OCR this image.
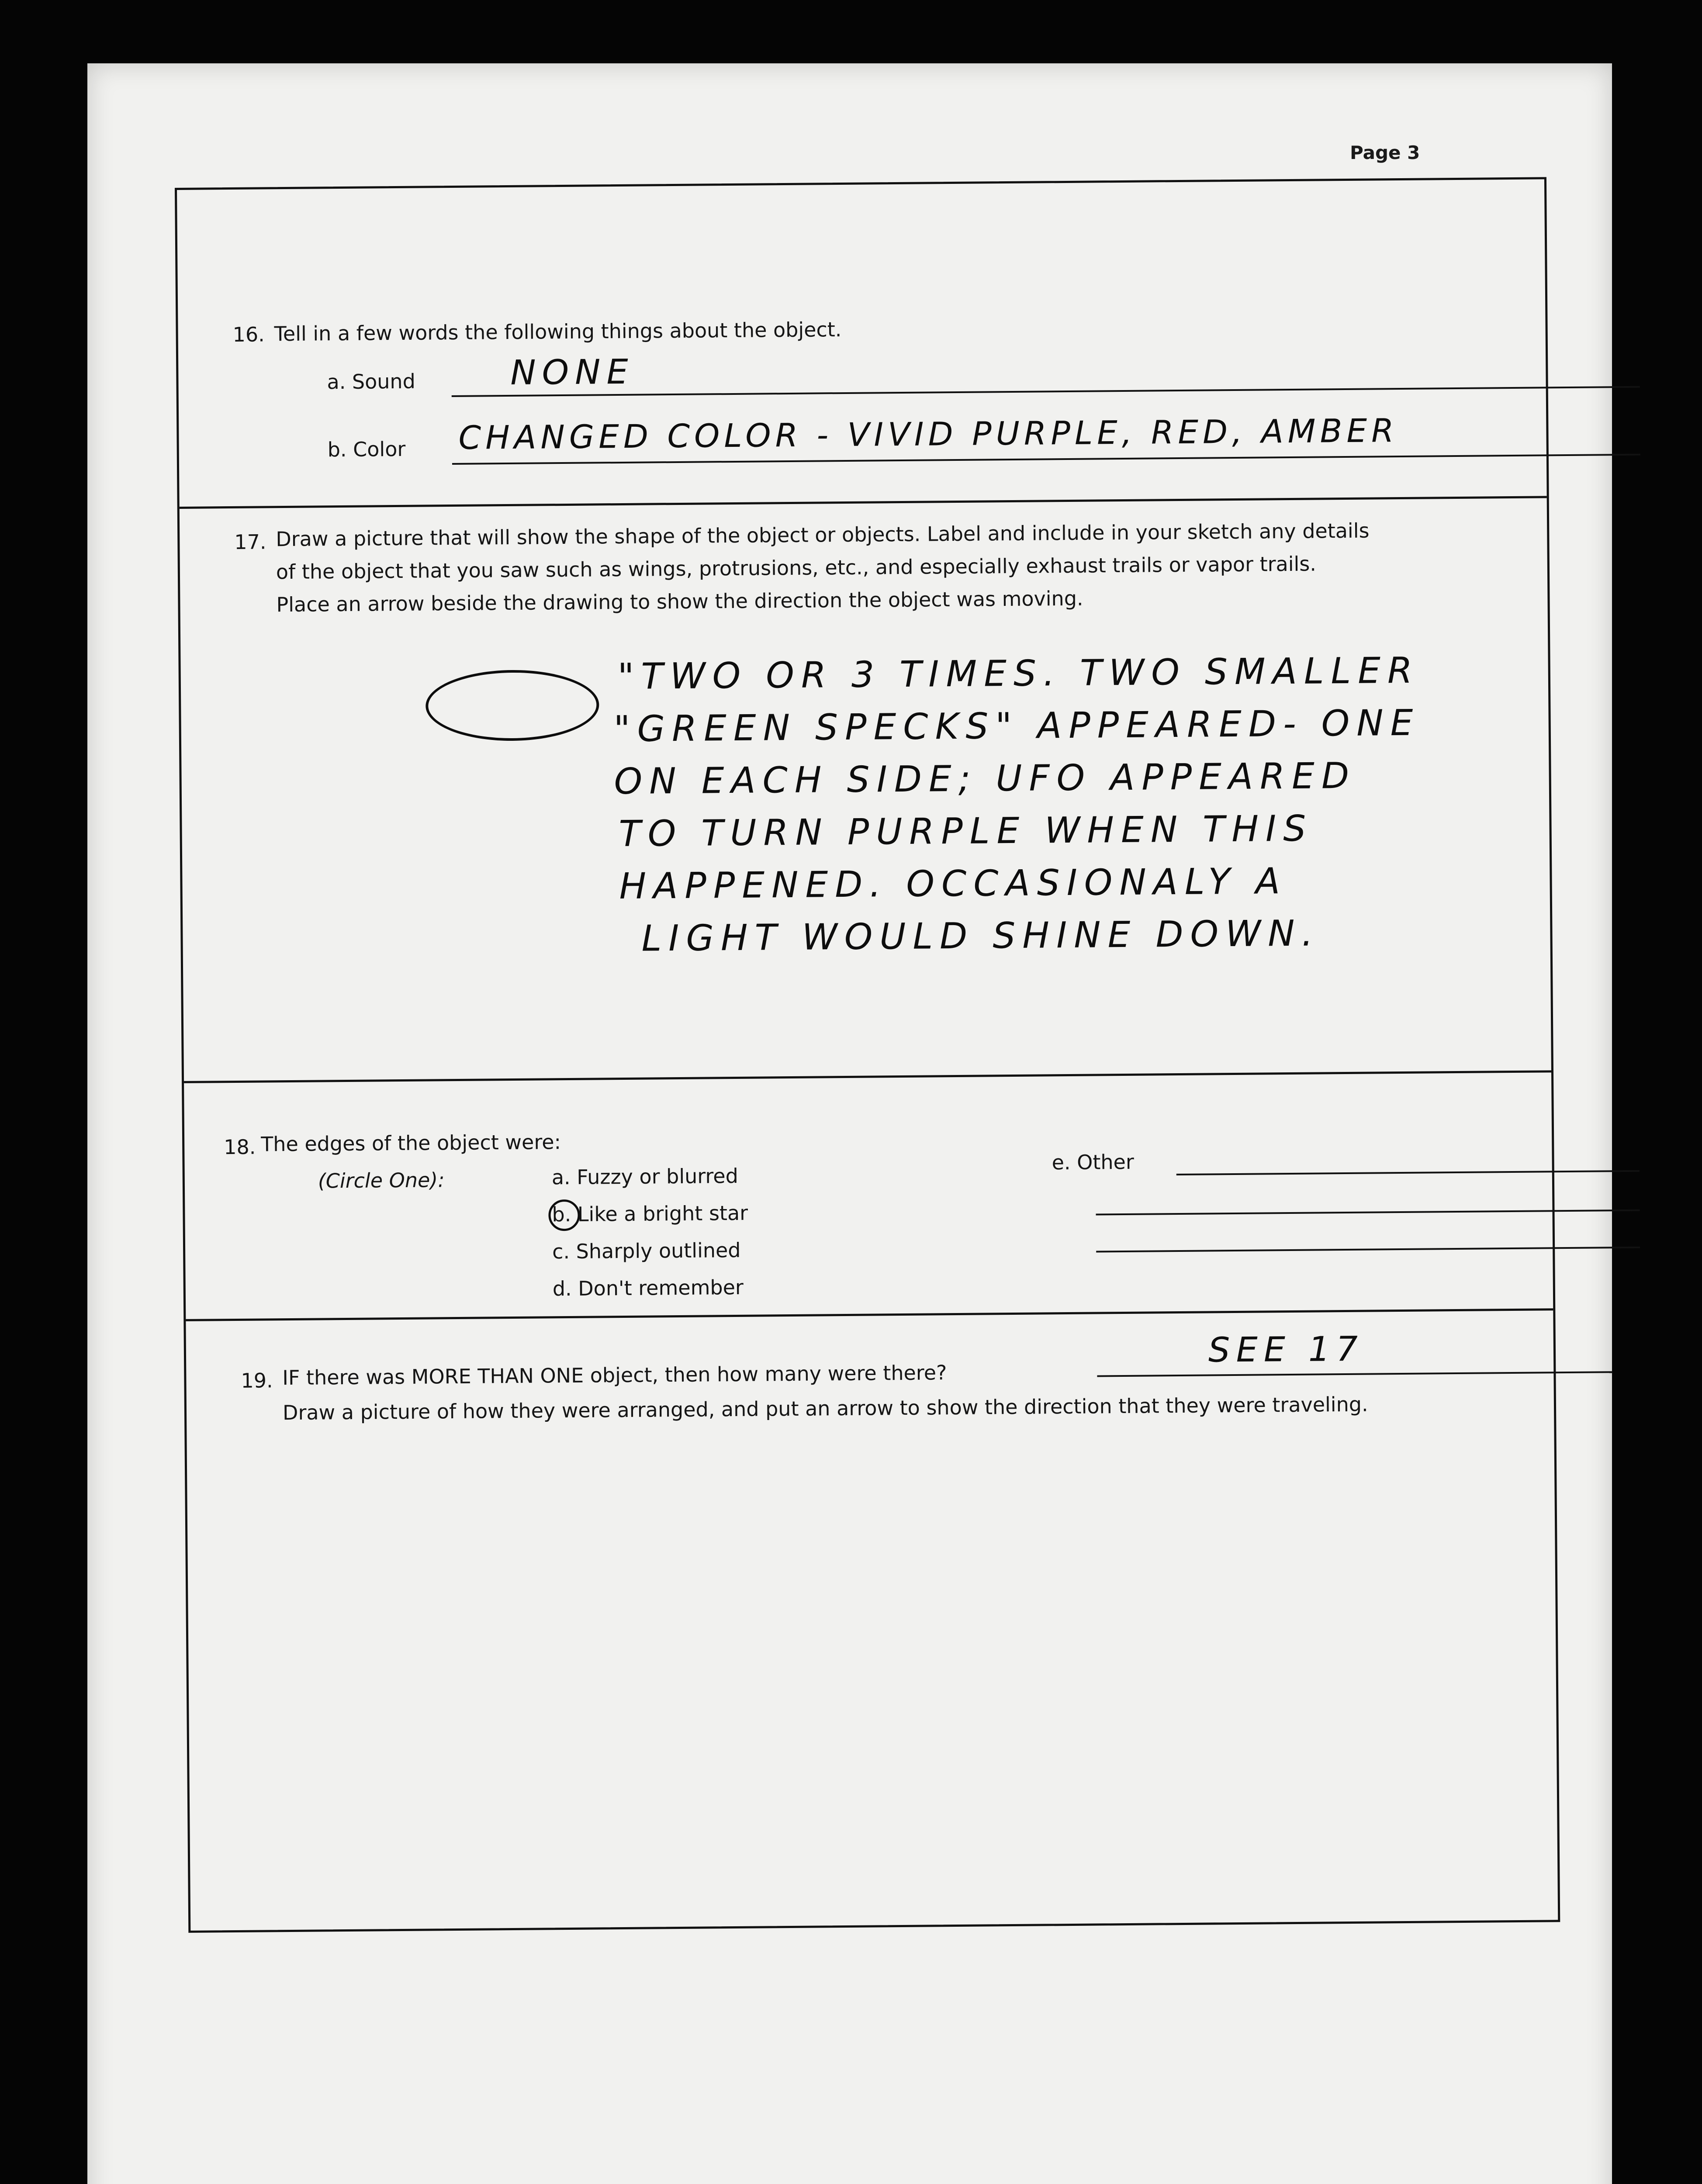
Page 3
16. Tell in a few words the following things about the object.
a. Sound	NONE
b. Color CHANGED COLOR - VIVID PURPLE, RED, AMBER
17. Draw a picture that will show the shape of the object or objects. Label and include in your sketch any details
of the object that you saw such as wings, protrusions, etc., and especially exhaust trails or vapor trails.
Place an arrow beside the drawing to show the direction the object was moving.
"TWO OR 3 TIMES. TWO SMALLER
"GREEN SPECKS" APPEARED- ONE
ON EACH SIDE; UFO APPEARED
TO TURN PURPLE WHEN THIS
HAPPENED. OCCASIONALY A
LIGHT WOULD SHINE DOWN.
18. The edges of the object were:
(Circle One):	a. Fuzzy or blurred
b. Like a bright star
c. Sharply outlined
d. Don't remember
e. Other
19. IF there was MORE THAN ONE object, then how many were there?
SEE 17
Draw a picture of how they were arranged, and put an arrow to show the direction that they were traveling.
